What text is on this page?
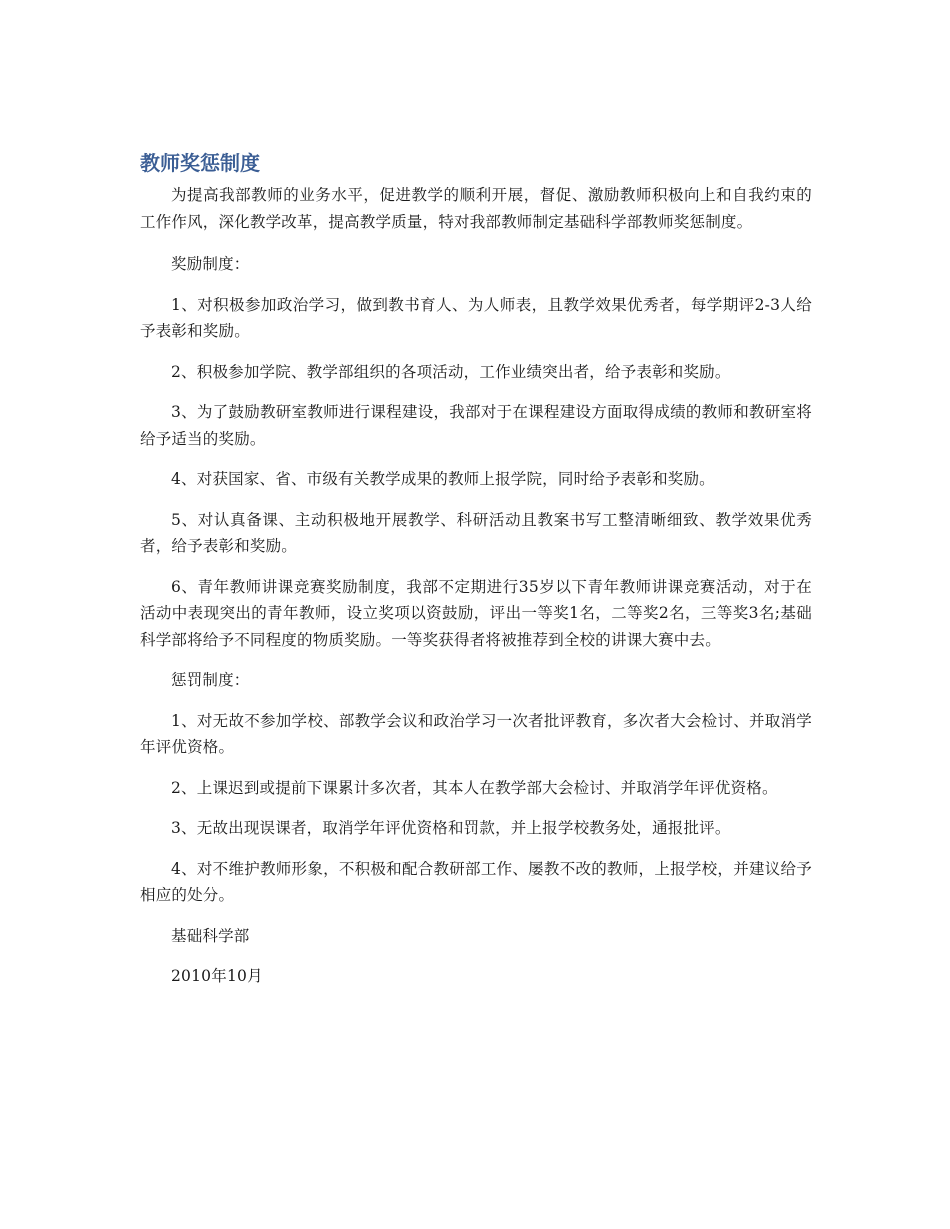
教师奖惩制度

为提高我部教师的业务水平，促进教学的顺利开展，督促、激励教师积极向上和自我约束的工作作风，深化教学改革，提高教学质量，特对我部教师制定基础科学部教师奖惩制度。

奖励制度：

1、对积极参加政治学习，做到教书育人、为人师表，且教学效果优秀者，每学期评2-3人给予表彰和奖励。

2、积极参加学院、教学部组织的各项活动，工作业绩突出者，给予表彰和奖励。

3、为了鼓励教研室教师进行课程建设，我部对于在课程建设方面取得成绩的教师和教研室将给予适当的奖励。

4、对获国家、省、市级有关教学成果的教师上报学院，同时给予表彰和奖励。

5、对认真备课、主动积极地开展教学、科研活动且教案书写工整清晰细致、教学效果优秀者，给予表彰和奖励。

6、青年教师讲课竞赛奖励制度，我部不定期进行35岁以下青年教师讲课竞赛活动，对于在活动中表现突出的青年教师，设立奖项以资鼓励，评出一等奖1名，二等奖2名，三等奖3名;基础科学部将给予不同程度的物质奖励。一等奖获得者将被推荐到全校的讲课大赛中去。

惩罚制度：

1、对无故不参加学校、部教学会议和政治学习一次者批评教育，多次者大会检讨、并取消学年评优资格。

2、上课迟到或提前下课累计多次者，其本人在教学部大会检讨、并取消学年评优资格。

3、无故出现误课者，取消学年评优资格和罚款，并上报学校教务处，通报批评。

4、对不维护教师形象，不积极和配合教研部工作、屡教不改的教师，上报学校，并建议给予相应的处分。

基础科学部

2010年10月
